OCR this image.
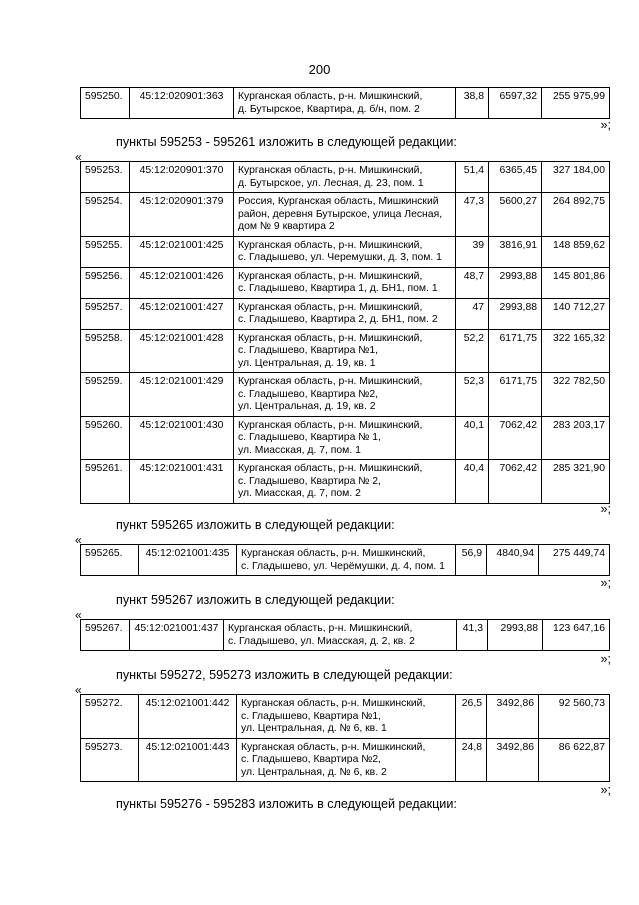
200
595250.	45:12:020901:363	Курганская область, р-н. Мишкинский,
д. Бутырское, Квартира, д. б/н, пом. 2
	38,8	6597,32	255 975,99
»;
пункты 595253 - 595261 изложить в следующей редакции:
«
595253.	45:12:020901:370	Курганская область, р-н. Мишкинский,
д. Бутырское, ул. Лесная, д. 23, пом. 1	51,4	6365,45	327 184,00
595254.	45:12:020901:379	Россия, Курганская область, Мишкинский
район, деревня Бутырское, улица Лесная,
дом № 9 квартира 2	47,3	5600,27	264 892,75
595255.	45:12:021001:425	Курганская область, р-н. Мишкинский,
с. Гладышево, ул. Черемушки, д. 3, пом. 1	39	3816,91	148 859,62
595256.	45:12:021001:426	Курганская область, р-н. Мишкинский,
с. Гладышево, Квартира 1, д. БН1, пом. 1	48,7	2993,88	145 801,86
595257.	45:12:021001:427	Курганская область, р-н. Мишкинский,
с. Гладышево, Квартира 2, д. БН1, пом. 2	47	2993,88	140 712,27
595258.	45:12:021001:428	Курганская область, р-н. Мишкинский,
с. Гладышево, Квартира №1,
ул. Центральная, д. 19, кв. 1	52,2	6171,75	322 165,32
595259.	45:12:021001:429	Курганская область, р-н. Мишкинский,
с. Гладышево, Квартира №2,
ул. Центральная, д. 19, кв. 2	52,3	6171,75	322 782,50
595260.	45:12:021001:430	Курганская область, р-н. Мишкинский,
с. Гладышево, Квартира № 1,
ул. Миасская, д. 7, пом. 1	40,1	7062,42	283 203,17
595261.	45:12:021001:431	Курганская область, р-н. Мишкинский,
с. Гладышево, Квартира № 2,
ул. Миасская, д. 7, пом. 2	40,4	7062,42	285 321,90
»;
пункт 595265 изложить в следующей редакции:
«
595265.	45:12:021001:435	Курганская область, р-н. Мишкинский,
с. Гладышево, ул. Черёмушки, д. 4, пом. 1
	56,9	4840,94	275 449,74
»;
пункт 595267 изложить в следующей редакции:
«
595267.	45:12:021001:437	Курганская область, р-н. Мишкинский,
с. Гладышево, ул. Миасская, д. 2, кв. 2
	41,3	2993,88	123 647,16
»;
пункты 595272, 595273 изложить в следующей редакции:
«
595272.	45:12:021001:442	Курганская область, р-н. Мишкинский,
с. Гладышево, Квартира №1,
ул. Центральная, д. № 6, кв. 1	26,5	3492,86	92 560,73
595273.	45:12:021001:443	Курганская область, р-н. Мишкинский,
с. Гладышево, Квартира №2,
ул. Центральная, д. № 6, кв. 2	24,8	3492,86	86 622,87
»;
пункты 595276 - 595283 изложить в следующей редакции:
